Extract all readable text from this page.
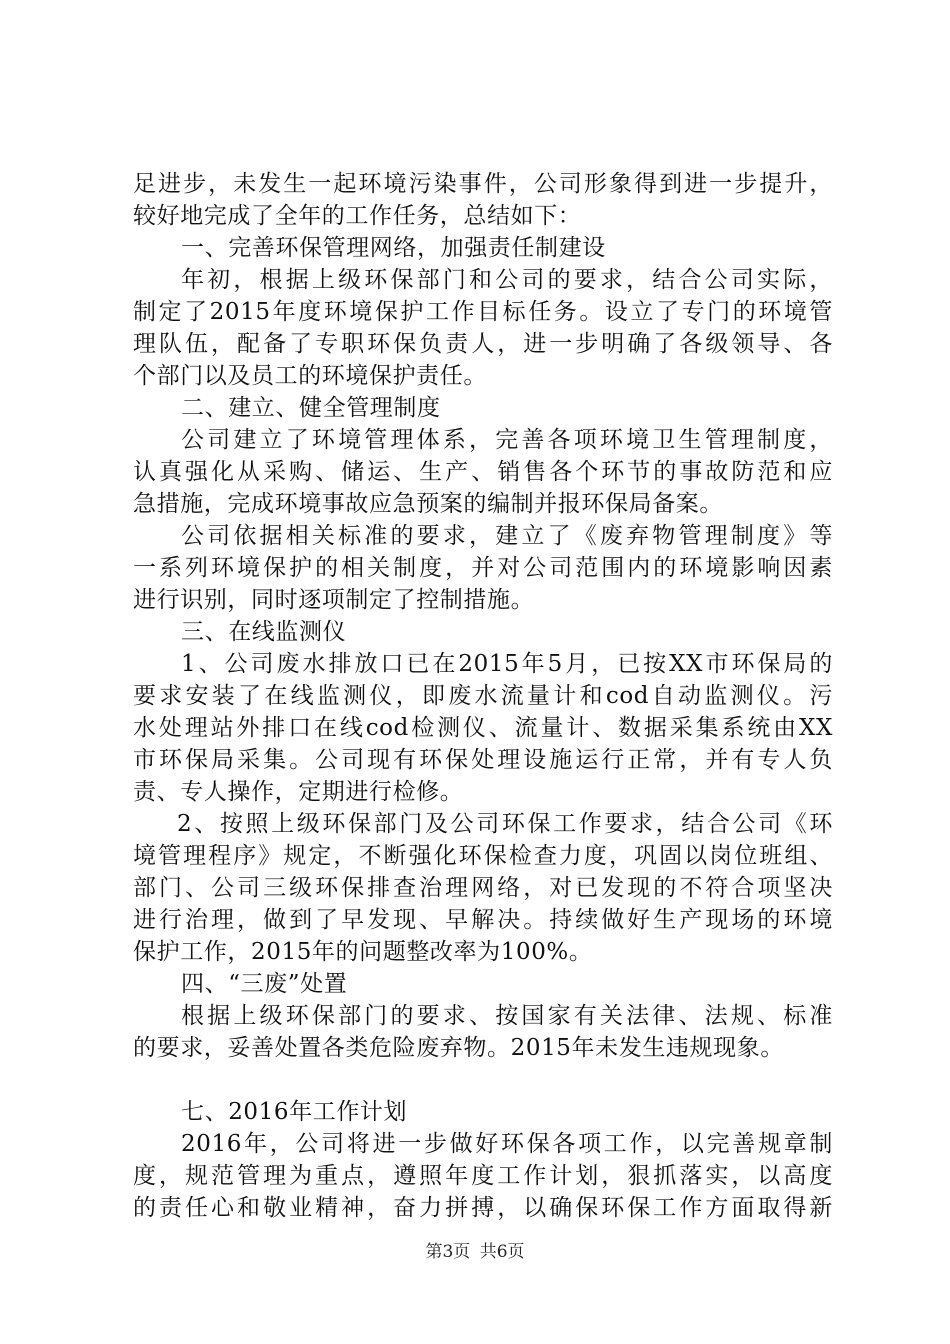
足进步，未发生一起环境污染事件，公司形象得到进一步提升，
较好地完成了全年的工作任务，总结如下：
一、完善环保管理网络，加强责任制建设
年初，根据上级环保部门和公司的要求，结合公司实际，
制定了2015年度环境保护工作目标任务。设立了专门的环境管
理队伍，配备了专职环保负责人，进一步明确了各级领导、各
个部门以及员工的环境保护责任。
二、建立、健全管理制度
公司建立了环境管理体系，完善各项环境卫生管理制度，
认真强化从采购、储运、生产、销售各个环节的事故防范和应
急措施，完成环境事故应急预案的编制并报环保局备案。
公司依据相关标准的要求，建立了《废弃物管理制度》等
一系列环境保护的相关制度，并对公司范围内的环境影响因素
进行识别，同时逐项制定了控制措施。
三、在线监测仪
1、公司废水排放口已在2015年5月，已按XX市环保局的
要求安装了在线监测仪，即废水流量计和cod自动监测仪。污
水处理站外排口在线cod检测仪、流量计、数据采集系统由XX
市环保局采集。公司现有环保处理设施运行正常，并有专人负
责、专人操作，定期进行检修。
2、按照上级环保部门及公司环保工作要求，结合公司《环
境管理程序》规定，不断强化环保检查力度，巩固以岗位班组、
部门、公司三级环保排查治理网络，对已发现的不符合项坚决
进行治理，做到了早发现、早解决。持续做好生产现场的环境
保护工作，2015年的问题整改率为100%。
四、“三废”处置
根据上级环保部门的要求、按国家有关法律、法规、标准
的要求，妥善处置各类危险废弃物。2015年未发生违规现象。
七、2016年工作计划
2016年，公司将进一步做好环保各项工作，以完善规章制
度，规范管理为重点，遵照年度工作计划，狠抓落实，以高度
的责任心和敬业精神，奋力拼搏，以确保环保工作方面取得新
第3页 共6页
